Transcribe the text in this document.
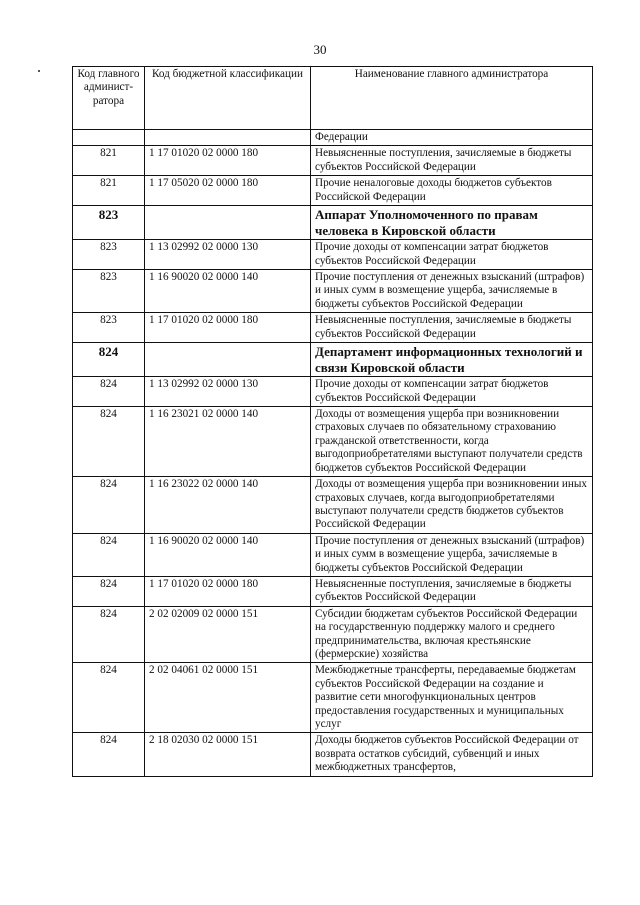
30
Код главного админист-ратора	Код бюджетной классификации	Наименование главного администратора
		Федерации
821	1 17 01020 02 0000 180	Невыясненные поступления, зачисляемые в бюджеты субъектов Российской Федерации
821	1 17 05020 02 0000 180	Прочие неналоговые доходы бюджетов субъектов Российской Федерации
823		Аппарат Уполномоченного по правам человека в Кировской области
823	1 13 02992 02 0000 130	Прочие доходы от компенсации затрат бюджетов субъектов Российской Федерации
823	1 16 90020 02 0000 140	Прочие поступления от денежных взысканий (штрафов) и иных сумм в возмещение ущерба, зачисляемые в бюджеты субъектов Российской Федерации
823	1 17 01020 02 0000 180	Невыясненные поступления, зачисляемые в бюджеты субъектов Российской Федерации
824		Департамент информационных технологий и связи Кировской области
824	1 13 02992 02 0000 130	Прочие доходы от компенсации затрат бюджетов субъектов Российской Федерации
824	1 16 23021 02 0000 140	Доходы от возмещения ущерба при возникновении страховых случаев по обязательному страхованию гражданской ответственности, когда выгодоприобретателями выступают получатели средств бюджетов субъектов Российской Федерации
824	1 16 23022 02 0000 140	Доходы от возмещения ущерба при возникновении иных страховых случаев, когда выгодоприобретателями выступают получатели средств бюджетов субъектов Российской Федерации
824	1 16 90020 02 0000 140	Прочие поступления от денежных взысканий (штрафов) и иных сумм в возмещение ущерба, зачисляемые в бюджеты субъектов Российской Федерации
824	1 17 01020 02 0000 180	Невыясненные поступления, зачисляемые в бюджеты субъектов Российской Федерации
824	2 02 02009 02 0000 151	Субсидии бюджетам субъектов Российской Федерации на государственную поддержку малого и среднего предпринимательства, включая крестьянские (фермерские) хозяйства
824	2 02 04061 02 0000 151	Межбюджетные трансферты, передаваемые бюджетам субъектов Российской Федерации на создание и развитие сети многофункциональных центров предоставления государственных и муниципальных услуг
824	2 18 02030 02 0000 151	Доходы бюджетов субъектов Российской Федерации от возврата остатков субсидий, субвенций и иных межбюджетных трансфертов,
